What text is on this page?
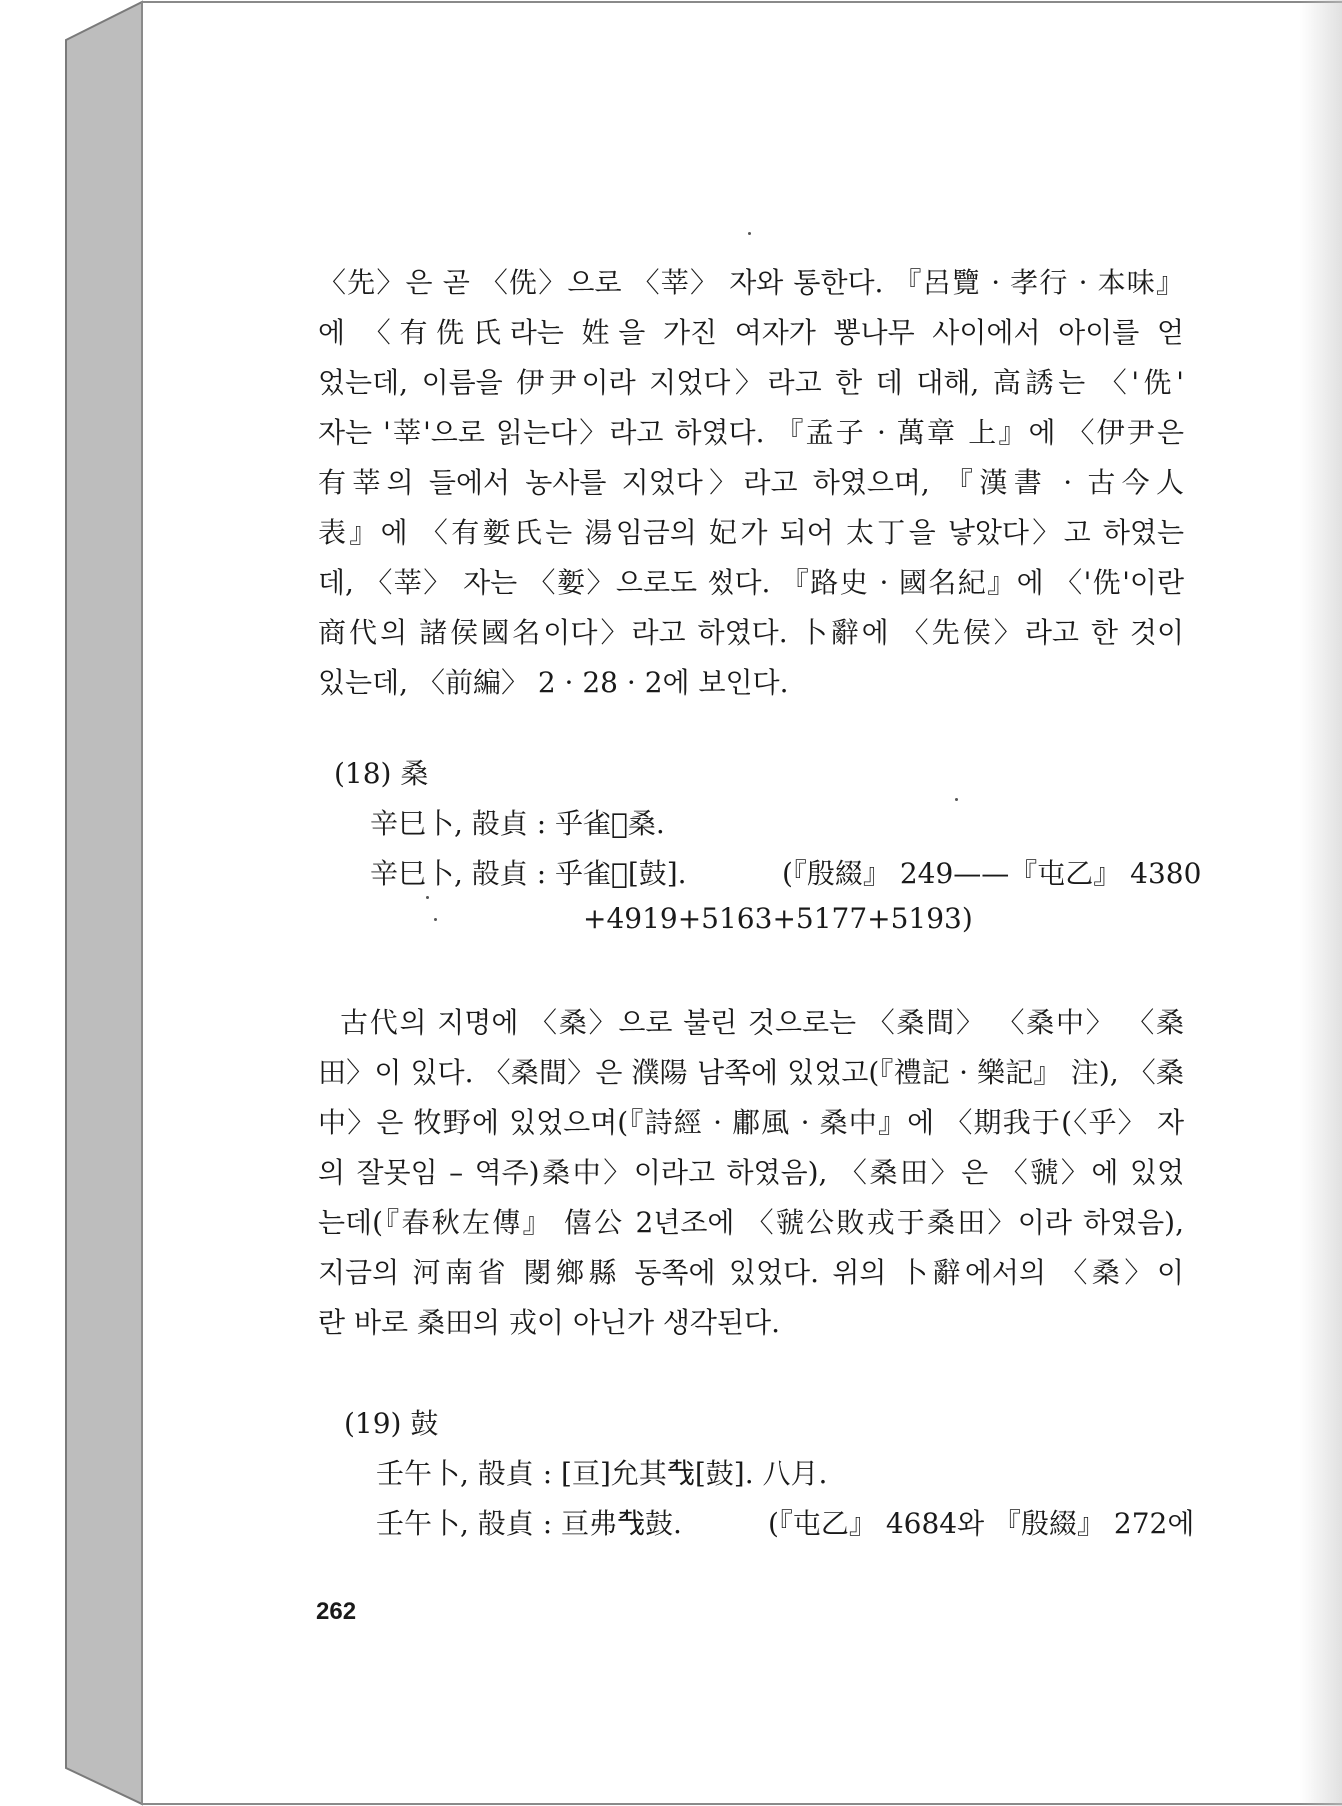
〈先〉은 곧 〈侁〉으로 〈莘〉 자와 통한다. 『呂覽 · 孝行 · 本味』
에 〈有侁氏라는 姓을 가진 여자가 뽕나무 사이에서 아이를 얻
었는데, 이름을 伊尹이라 지었다〉라고 한 데 대해, 高誘는 〈'侁'
자는 '莘'으로 읽는다〉라고 하였다. 『孟子 · 萬章 上』에 〈伊尹은
有莘의 들에서 농사를 지었다〉라고 하였으며, 『漢書 · 古今人
表』에 〈有㜪氏는 湯임금의 妃가 되어 太丁을 낳았다〉고 하였는
데, 〈莘〉 자는 〈㜪〉으로도 썼다. 『路史 · 國名紀』에 〈'侁'이란
商代의 諸侯國名이다〉라고 하였다. 卜辭에 〈先侯〉라고 한 것이
있는데, 〈前編〉 2 · 28 · 2에 보인다.
(18) 桑
辛巳卜, 㱿貞 : 乎雀𦎫桑.
辛巳卜, 㱿貞 : 乎雀𦎫[鼓].	(『殷綴』 249——『屯乙』 4380
+4919+5163+5177+5193)
古代의 지명에 〈桑〉으로 불린 것으로는 〈桑間〉 〈桑中〉 〈桑
田〉이 있다. 〈桑間〉은 濮陽 남쪽에 있었고(『禮記 · 樂記』 注), 〈桑
中〉은 牧野에 있었으며(『詩經 · 鄘風 · 桑中』에 〈期我于(〈乎〉 자
의 잘못임 – 역주)桑中〉이라고 하였음), 〈桑田〉은 〈虢〉에 있었
는데(『春秋左傳』 僖公 2년조에 〈虢公敗戎于桑田〉이라 하였음),
지금의 河南省 閿鄉縣 동쪽에 있었다. 위의 卜辭에서의 〈桑〉이
란 바로 桑田의 戎이 아닌가 생각된다.
(19) 鼓
壬午卜, 㱿貞 : [亘]允其𢦔[鼓]. 八月.
壬午卜, 㱿貞 : 亘弗𢦔鼓.	(『屯乙』 4684와 『殷綴』 272에
262
